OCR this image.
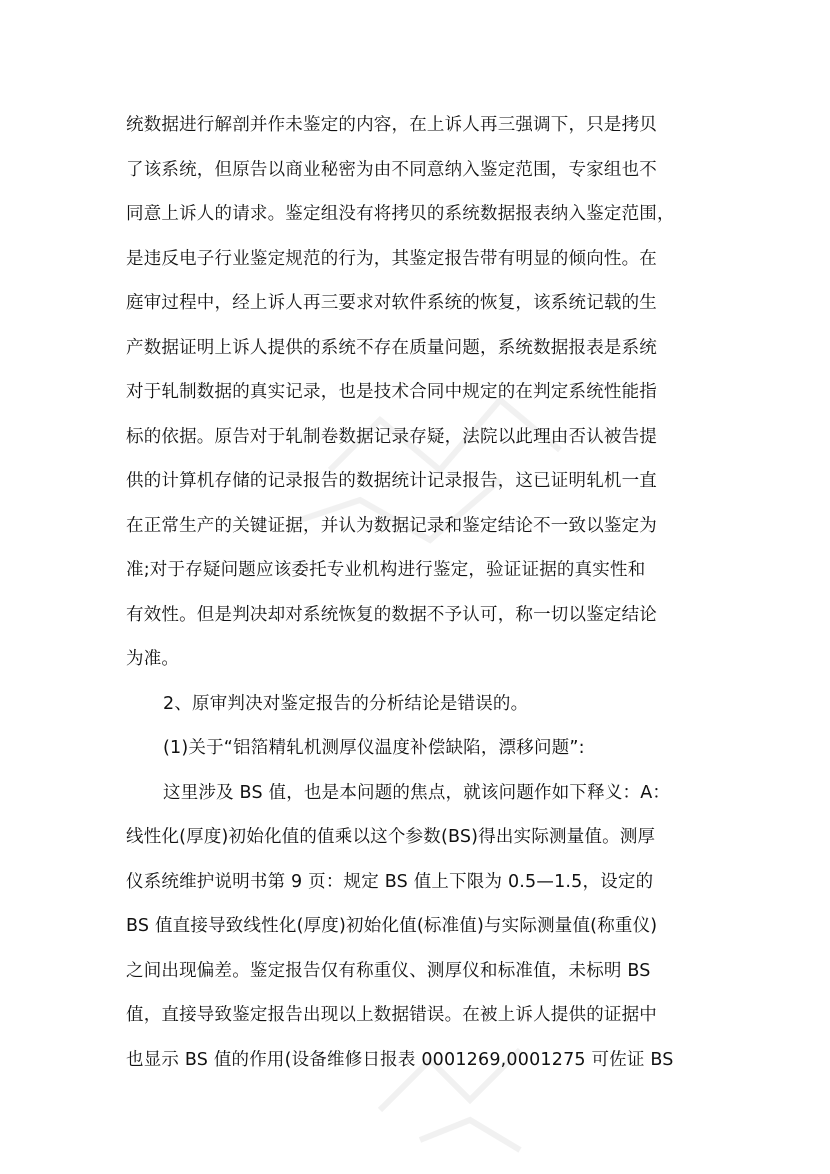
统数据进行解剖并作未鉴定的内容，在上诉人再三强调下，只是拷贝
了该系统，但原告以商业秘密为由不同意纳入鉴定范围，专家组也不
同意上诉人的请求。鉴定组没有将拷贝的系统数据报表纳入鉴定范围，
是违反电子行业鉴定规范的行为，其鉴定报告带有明显的倾向性。在
庭审过程中，经上诉人再三要求对软件系统的恢复，该系统记载的生
产数据证明上诉人提供的系统不存在质量问题，系统数据报表是系统
对于轧制数据的真实记录，也是技术合同中规定的在判定系统性能指
标的依据。原告对于轧制卷数据记录存疑，法院以此理由否认被告提
供的计算机存储的记录报告的数据统计记录报告，这已证明轧机一直
在正常生产的关键证据，并认为数据记录和鉴定结论不一致以鉴定为
准;对于存疑问题应该委托专业机构进行鉴定，验证证据的真实性和
有效性。但是判决却对系统恢复的数据不予认可，称一切以鉴定结论
为准。
2、原审判决对鉴定报告的分析结论是错误的。
(1)关于“铝箔精轧机测厚仪温度补偿缺陷，漂移问题”:
这里涉及 BS 值，也是本问题的焦点，就该问题作如下释义：A：
线性化(厚度)初始化值的值乘以这个参数(BS)得出实际测量值。测厚
仪系统维护说明书第 9 页：规定 BS 值上下限为 0.5—1.5，设定的
BS 值直接导致线性化(厚度)初始化值(标准值)与实际测量值(称重仪)
之间出现偏差。鉴定报告仅有称重仪、测厚仪和标准值，未标明 BS
值，直接导致鉴定报告出现以上数据错误。在被上诉人提供的证据中
也显示 BS 值的作用(设备维修日报表 0001269,0001275 可佐证 BS
